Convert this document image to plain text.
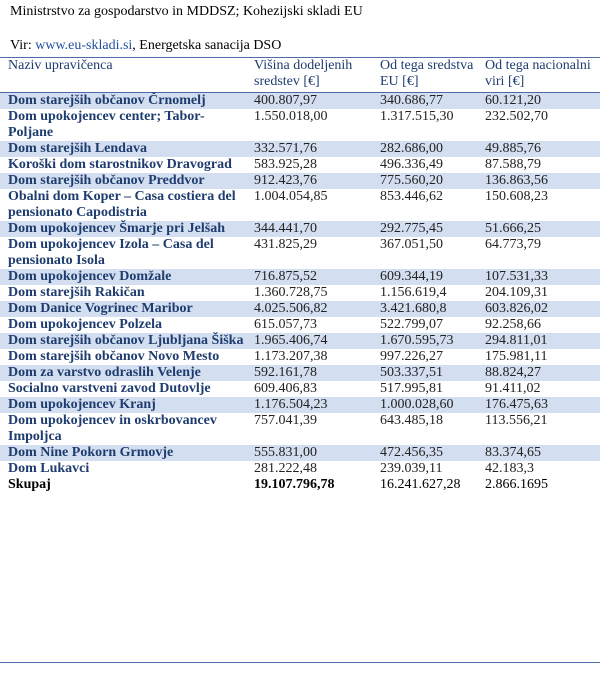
Ministrstvo za gospodarstvo in MDDSZ; Kohezijski skladi EU
Vir: www.eu-skladi.si, Energetska sanacija DSO
Naziv upravičenca	Višina dodeljenih sredstev [€]	Od tega sredstva EU [€]	Od tega nacionalni viri [€]
Dom starejših občanov Črnomelj	400.807,97	340.686,77	60.121,20
Dom upokojencev center; Tabor-Poljane	1.550.018,00	1.317.515,30	232.502,70
Dom starejših Lendava	332.571,76	282.686,00	49.885,76
Koroški dom starostnikov Dravograd	583.925,28	496.336,49	87.588,79
Dom starejših občanov Preddvor	912.423,76	775.560,20	136.863,56
Obalni dom Koper – Casa costiera del pensionato Capodistria	1.004.054,85	853.446,62	150.608,23
Dom upokojencev Šmarje pri Jelšah	344.441,70	292.775,45	51.666,25
Dom upokojencev Izola – Casa del pensionato Isola	431.825,29	367.051,50	64.773,79
Dom upokojencev Domžale	716.875,52	609.344,19	107.531,33
Dom starejših Rakičan	1.360.728,75	1.156.619,4	204.109,31
Dom Danice Vogrinec Maribor	4.025.506,82	3.421.680,8	603.826,02
Dom upokojencev Polzela	615.057,73	522.799,07	92.258,66
Dom starejših občanov Ljubljana Šiška	1.965.406,74	1.670.595,73	294.811,01
Dom starejših občanov Novo Mesto	1.173.207,38	997.226,27	175.981,11
Dom za varstvo odraslih Velenje	592.161,78	503.337,51	88.824,27
Socialno varstveni zavod Dutovlje	609.406,83	517.995,81	91.411,02
Dom upokojencev Kranj	1.176.504,23	1.000.028,60	176.475,63
Dom upokojencev in oskrbovancev Impoljca	757.041,39	643.485,18	113.556,21
Dom Nine Pokorn Grmovje	555.831,00	472.456,35	83.374,65
Dom Lukavci	281.222,48	239.039,11	42.183,3
Skupaj	19.107.796,78	16.241.627,28	2.866.1695
